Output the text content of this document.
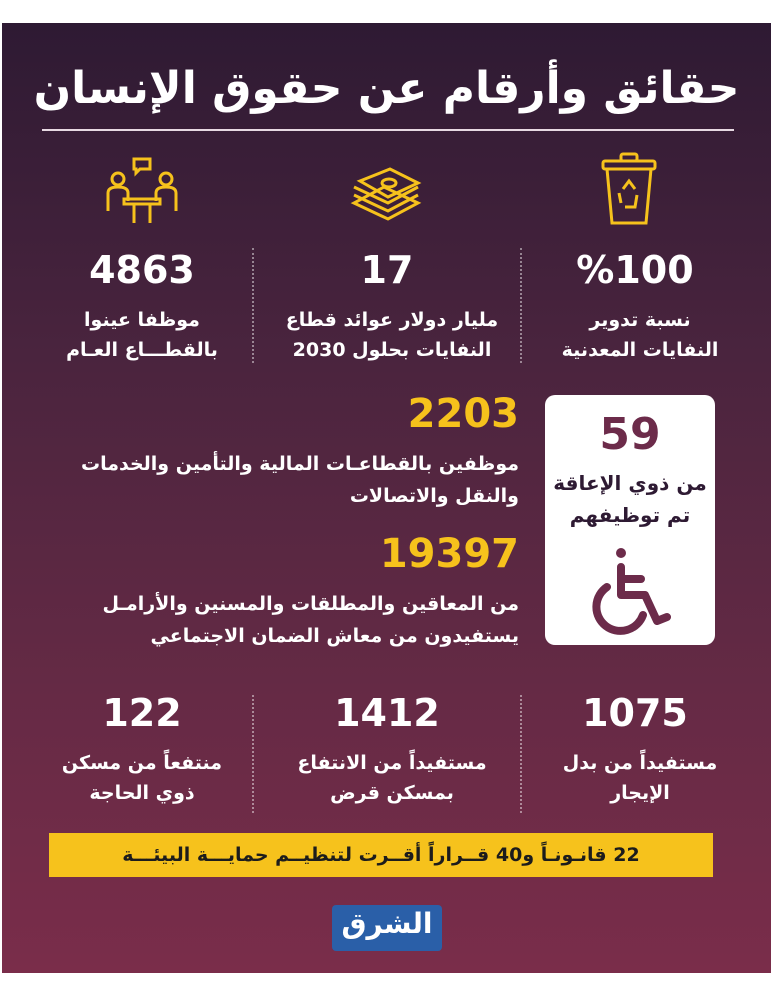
حقائق وأرقام عن حقوق الإنسان
%100
17
4863
نسبة تدوير
النفايات المعدنية
مليار دولار عوائد قطاع
النفايات بحلول 2030
موظفا عينوا
بالقطـــاع العـام
59
من ذوي الإعاقة
تم توظيفهم
2203
موظفين بالقطاعـات المالية والتأمين والخدمات
والنقل والاتصالات
19397
من المعاقين والمطلقات والمسنين والأرامـل
يستفيدون من معاش الضمان الاجتماعي
1075
1412
122
مستفيداً من بدل
الإيجار
مستفيداً من الانتفاع
بمسكن قرض
منتفعاً من مسكن
ذوي الحاجة
22 قانـونـاً و40 قــراراً أقــرت لتنظيــم حمايـــة البيئـــة
الشرق
